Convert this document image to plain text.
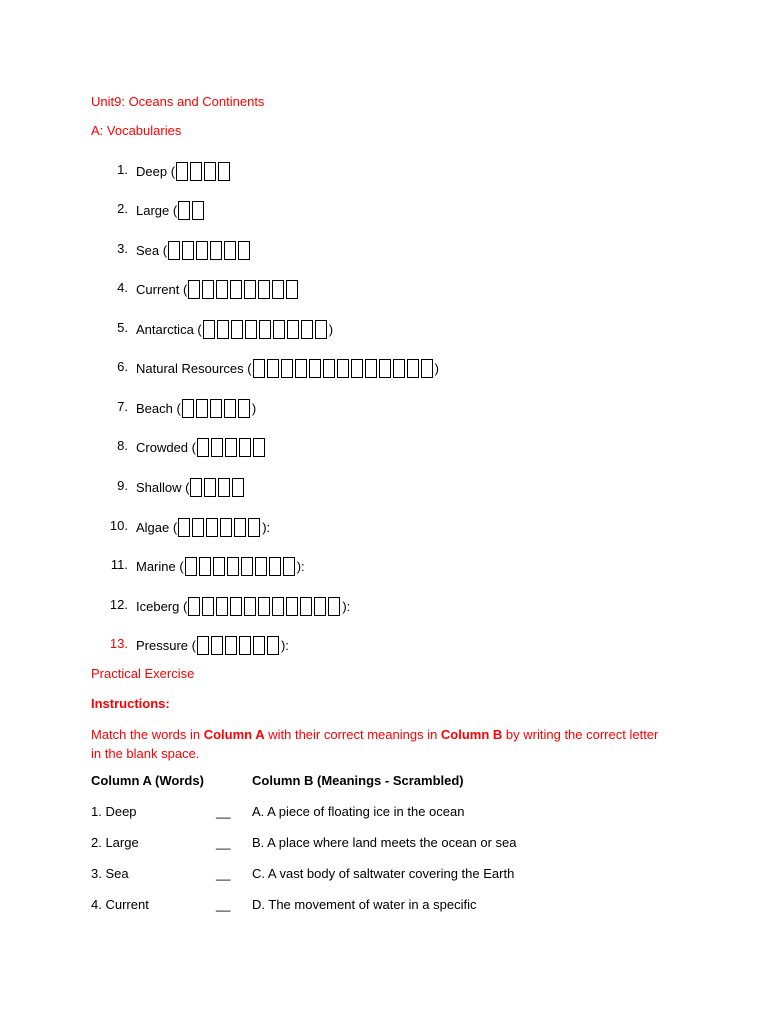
Unit9: Oceans and Continents
A: Vocabularies
1. Deep (
2. Large (
3. Sea (
4. Current (
5. Antarctica (	)
6. Natural Resources (	)
7. Beach (	)
8. Crowded (
9. Shallow (
10. Algae (	):
11. Marine (	):
12. Iceberg (	):
13. Pressure (	):
Practical Exercise
Instructions:
Match the words in Column A with their correct meanings in Column B by writing the correct letter in the blank space.
Column A (Words)	Column B (Meanings - Scrambled)
1. Deep	__ A. A piece of floating ice in the ocean
2. Large	__ B. A place where land meets the ocean or sea
3. Sea	__ C. A vast body of saltwater covering the Earth
4. Current	__ D. The movement of water in a specific
